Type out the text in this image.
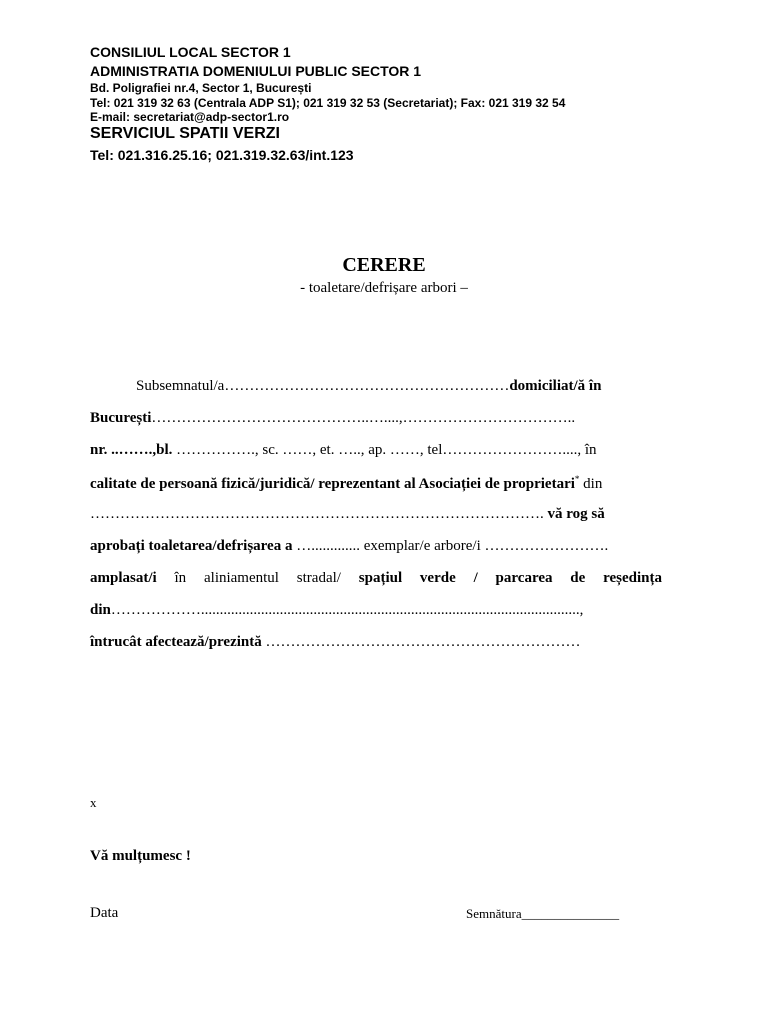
CONSILIUL LOCAL SECTOR 1
ADMINISTRATIA DOMENIULUI PUBLIC SECTOR 1
Bd. Poligrafiei nr.4, Sector 1, București
Tel: 021 319 32 63 (Centrala ADP S1); 021 319 32 53 (Secretariat); Fax: 021 319 32 54
E-mail: secretariat@adp-sector1.ro
SERVICIUL SPATII VERZI
Tel: 021.316.25.16; 021.319.32.63/int.123
CERERE
- toaletare/defrișare arbori –
Subsemnatul/a…………………………………………………domiciliat/ă în
București……………………………………..…....,……………………………..
nr. ..…….,bl. ……………., sc. ……, et. ….., ap. ……, tel……………………...., în
calitate de persoană fizică/juridică/ reprezentant al Asociației de proprietari* din
………………………………………………………………………………. vă rog să
aprobați toaletarea/defrișarea a …............. exemplar/e arbore/i …………………….
amplasat/i în aliniamentul stradal/ spațiul verde / parcarea de reședința
din……………….....................................................................................................,
întrucât afectează/prezintă ………………………………………………………
x
Vă mulțumesc !
Data	Semnătura_______________
